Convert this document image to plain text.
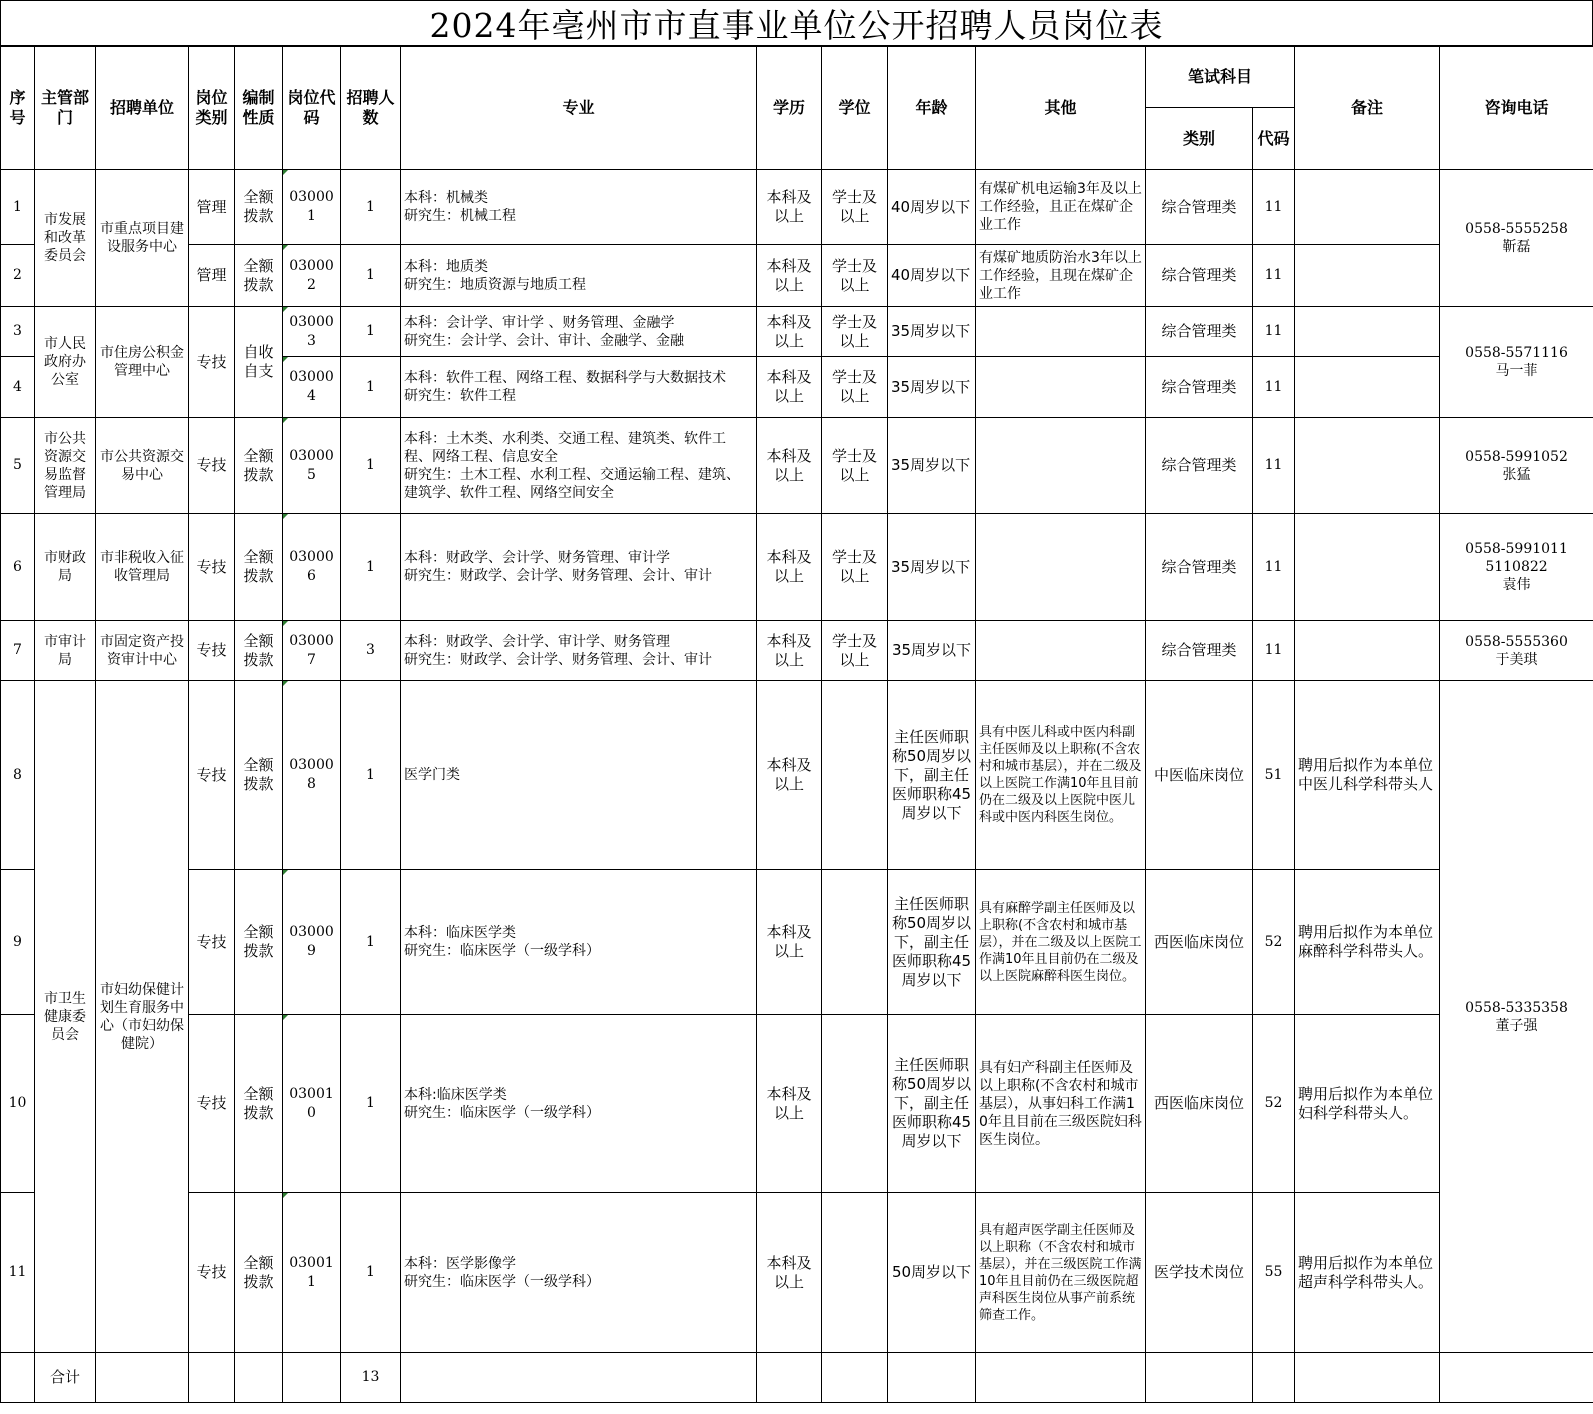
2024年亳州市市直事业单位公开招聘人员岗位表
序号	主管部门	招聘单位	岗位类别	编制性质	岗位代码	招聘人数	专业	学历	学位	年龄	其他	笔试科目		备注	咨询电话
												类别	代码		
1	市发展和改革委员会	市重点项目建设服务中心	管理	全额拨款	030001	1	本科：机械类
研究生：机械工程	本科及以上	学士及以上	40周岁以下	有煤矿机电运输3年及以上工作经验，且正在煤矿企业工作	综合管理类	11		0558-5555258
靳磊
2			管理	全额拨款	030002	1	本科：地质类
研究生：地质资源与地质工程	本科及以上	学士及以上	40周岁以下	有煤矿地质防治水3年以上工作经验，且现在煤矿企业工作	综合管理类	11		
3	市人民政府办公室	市住房公积金管理中心	专技	自收自支	030003	1	本科：会计学、审计学 、财务管理、金融学
研究生：会计学、会计、审计、金融学、金融	本科及以上	学士及以上	35周岁以下		综合管理类	11		0558-5571116
马一菲
4					030004	1	本科：软件工程、网络工程、数据科学与大数据技术
研究生：软件工程	本科及以上	学士及以上	35周岁以下		综合管理类	11		
5	市公共资源交易监督管理局	市公共资源交易中心	专技	全额拨款	030005	1	本科：土木类、水利类、交通工程、建筑类、软件工程、网络工程、信息安全
研究生：土木工程、水利工程、交通运输工程、建筑、建筑学、软件工程、网络空间安全	本科及以上	学士及以上	35周岁以下		综合管理类	11		0558-5991052
张猛
6	市财政局	市非税收入征收管理局	专技	全额拨款	030006	1	本科：财政学、会计学、财务管理、审计学
研究生：财政学、会计学、财务管理、会计、审计	本科及以上	学士及以上	35周岁以下		综合管理类	11		0558-5991011
5110822
袁伟
7	市审计局	市固定资产投资审计中心	专技	全额拨款	030007	3	本科：财政学、会计学、审计学、财务管理
研究生：财政学、会计学、财务管理、会计、审计	本科及以上	学士及以上	35周岁以下		综合管理类	11		0558-5555360
于美琪
8	市卫生健康委员会	市妇幼保健计划生育服务中心（市妇幼保健院）	专技	全额拨款	030008	1	医学门类	本科及以上		主任医师职称50周岁以下，副主任医师职称45周岁以下	具有中医儿科或中医内科副主任医师及以上职称(不含农村和城市基层），并在二级及以上医院工作满10年且目前仍在二级及以上医院中医儿科或中医内科医生岗位。	中医临床岗位	51	聘用后拟作为本单位中医儿科学科带头人	0558-5335358
董子强
9			专技	全额拨款	030009	1	本科：临床医学类
研究生：临床医学（一级学科）	本科及以上		主任医师职称50周岁以下，副主任医师职称45周岁以下	具有麻醉学副主任医师及以上职称(不含农村和城市基层），并在二级及以上医院工作满10年且目前仍在二级及以上医院麻醉科医生岗位。	西医临床岗位	52	聘用后拟作为本单位麻醉科学科带头人。	
10			专技	全额拨款	030010	1	本科:临床医学类
研究生：临床医学（一级学科）	本科及以上		主任医师职称50周岁以下，副主任医师职称45周岁以下	具有妇产科副主任医师及以上职称(不含农村和城市基层），从事妇科工作满10年且目前在三级医院妇科医生岗位。	西医临床岗位	52	聘用后拟作为本单位妇科学科带头人。	
11			专技	全额拨款	030011	1	本科：医学影像学
研究生：临床医学（一级学科）	本科及以上		50周岁以下	具有超声医学副主任医师及以上职称（不含农村和城市基层），并在三级医院工作满10年且目前仍在三级医院超声科医生岗位从事产前系统筛查工作。	医学技术岗位	55	聘用后拟作为本单位超声科学科带头人。	
	合计					13									
